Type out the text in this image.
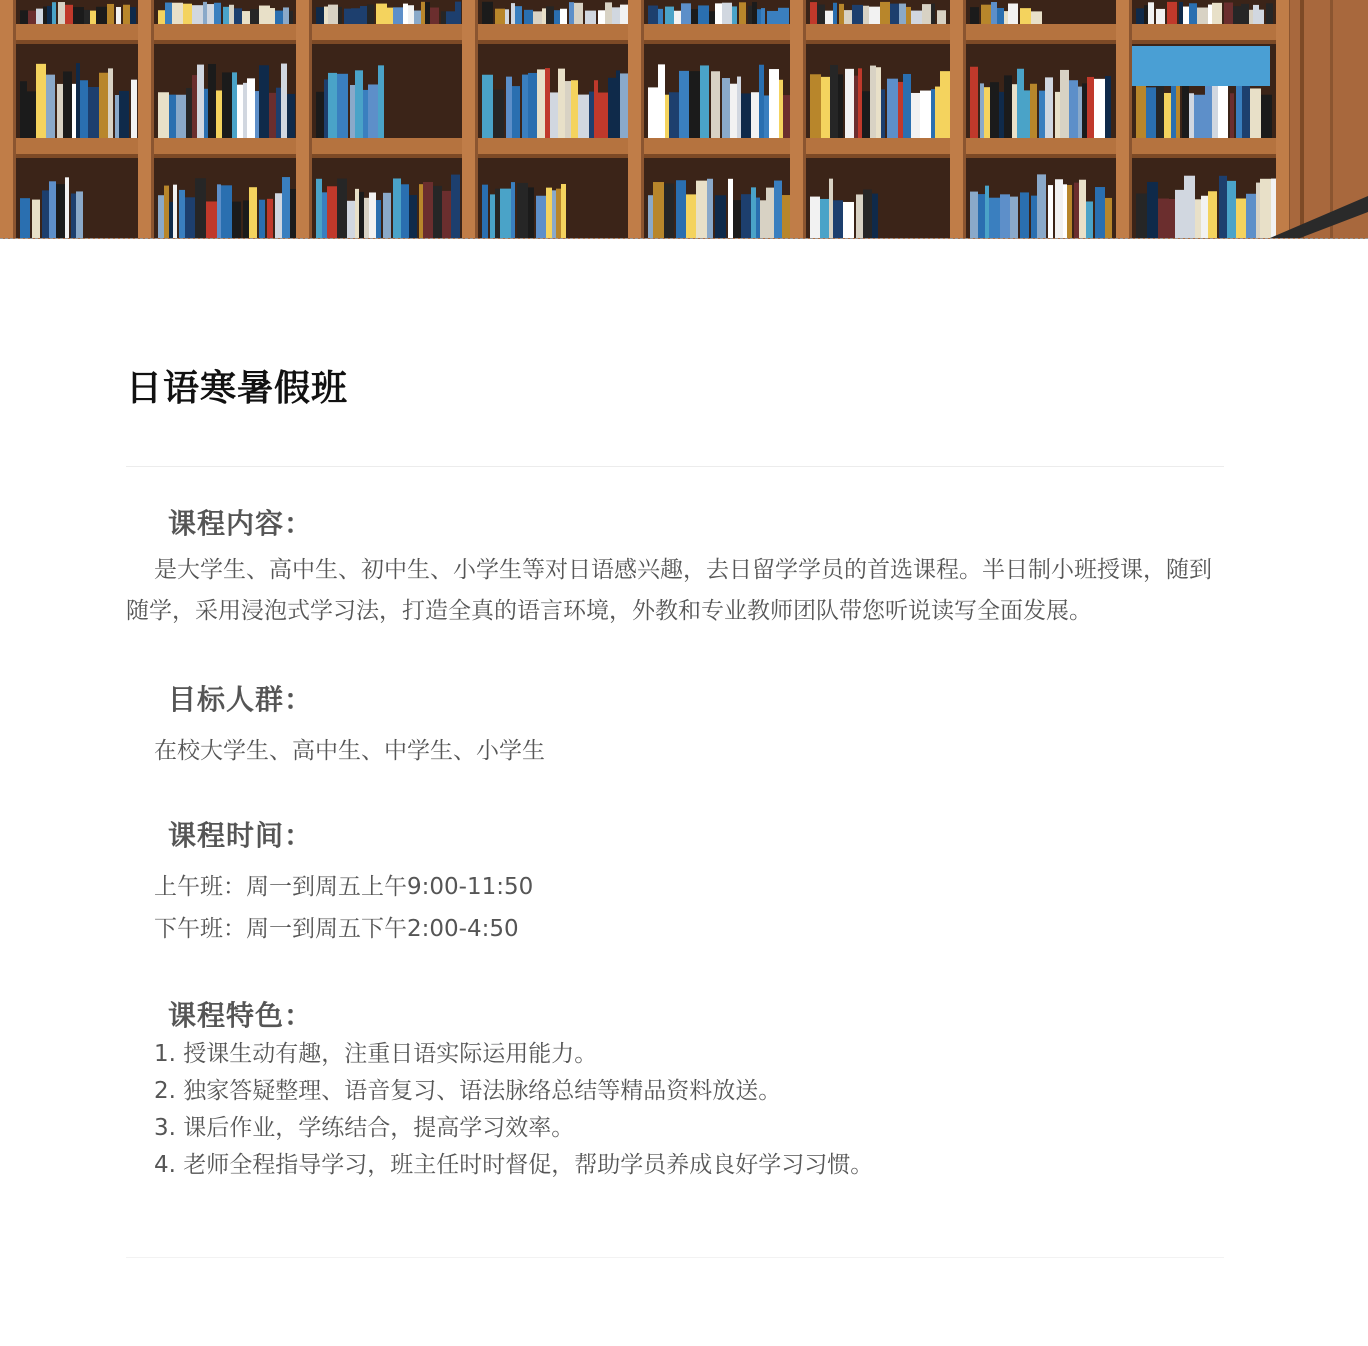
日语寒暑假班
课程内容：

是大学生、高中生、初中生、小学生等对日语感兴趣，去日留学学员的首选课程。半日制小班授课，随到随学，采用浸泡式学习法，打造全真的语言环境，外教和专业教师团队带您听说读写全面发展。

目标人群：

在校大学生、高中生、中学生、小学生

课程时间：

上午班：周一到周五上午9:00-11:50

下午班：周一到周五下午2:00-4:50

课程特色：
1. 授课生动有趣，注重日语实际运用能力。
2. 独家答疑整理、语音复习、语法脉络总结等精品资料放送。
3. 课后作业，学练结合，提高学习效率。
4. 老师全程指导学习，班主任时时督促，帮助学员养成良好学习习惯。
